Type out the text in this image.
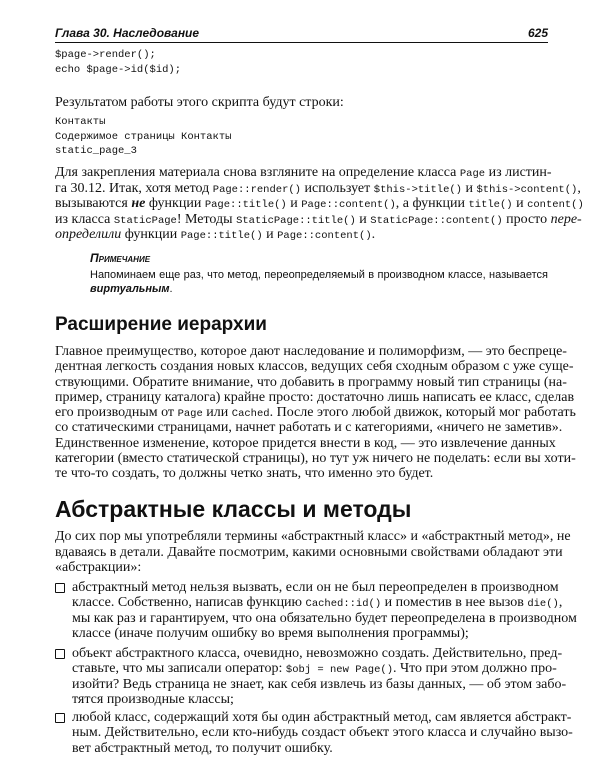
Глава 30. Наследование	625
$page->render();
echo $page->id($id);
Результатом работы этого скрипта будут строки:
Контакты
Содержимое страницы Контакты
static_page_3
Для закрепления материала снова взгляните на определение класса Page из листин-
га 30.12. Итак, хотя метод Page::render() использует $this->title() и $this->content(),
вызываются не функции Page::title() и Page::content(), а функции title() и content()
из класса StaticPage! Методы StaticPage::title() и StaticPage::content() просто пере-
определили функции Page::title() и Page::content().
Примечание
Напоминаем еще раз, что метод, переопределяемый в производном классе, называется
виртуальным.
Расширение иерархии
Главное преимущество, которое дают наследование и полиморфизм, — это беспреце-
дентная легкость создания новых классов, ведущих себя сходным образом с уже суще-
ствующими. Обратите внимание, что добавить в программу новый тип страницы (на-
пример, страницу каталога) крайне просто: достаточно лишь написать ее класс, сделав
его производным от Page или Cached. После этого любой движок, который мог работать
со статическими страницами, начнет работать и с категориями, «ничего не заметив».
Единственное изменение, которое придется внести в код, — это извлечение данных
категории (вместо статической страницы), но тут уж ничего не поделать: если вы хоти-
те что-то создать, то должны четко знать, что именно это будет.
Абстрактные классы и методы
До сих пор мы употребляли термины «абстрактный класс» и «абстрактный метод», не
вдаваясь в детали. Давайте посмотрим, какими основными свойствами обладают эти
«абстракции»:
абстрактный метод нельзя вызвать, если он не был переопределен в производном
классе. Собственно, написав функцию Cached::id() и поместив в нее вызов die(),
мы как раз и гарантируем, что она обязательно будет переопределена в производном
классе (иначе получим ошибку во время выполнения программы);
объект абстрактного класса, очевидно, невозможно создать. Действительно, пред-
ставьте, что мы записали оператор: $obj = new Page(). Что при этом должно про-
изойти? Ведь страница не знает, как себя извлечь из базы данных, — об этом забо-
тятся производные классы;
любой класс, содержащий хотя бы один абстрактный метод, сам является абстракт-
ным. Действительно, если кто-нибудь создаст объект этого класса и случайно вызо-
вет абстрактный метод, то получит ошибку.
